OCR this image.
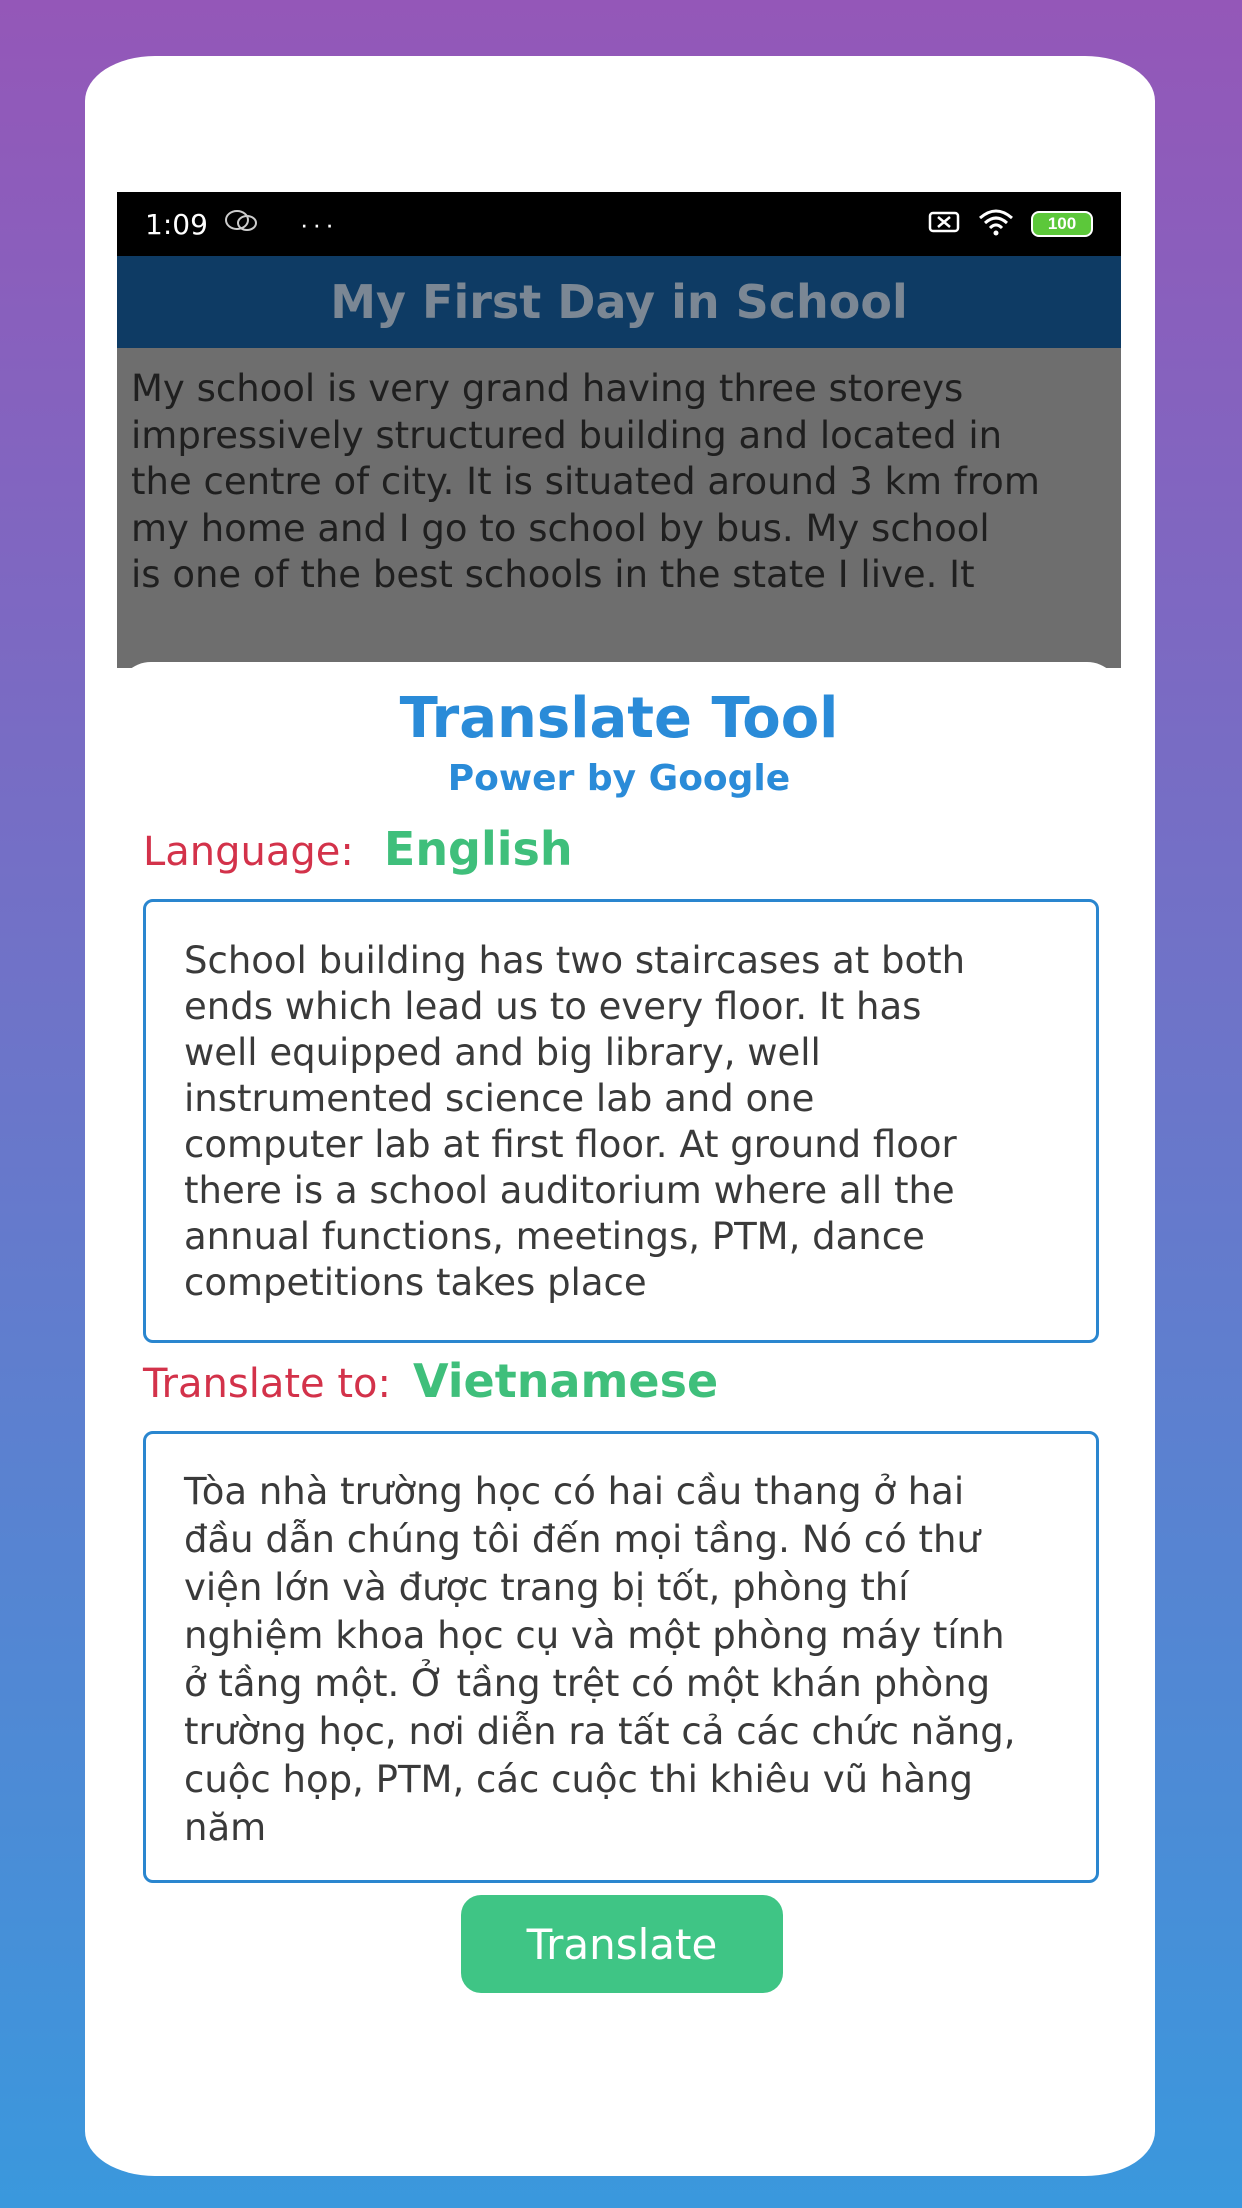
1:09	···	100
My First Day in School
My school is very grand having three storeys
impressively structured building and located in
the centre of city. It is situated around 3 km from
my home and I go to school by bus. My school
is one of the best schools in the state I live. It
Translate Tool
Power by Google
Language: English
School building has two staircases at both
ends which lead us to every floor. It has
well equipped and big library, well
instrumented science lab and one
computer lab at first floor. At ground floor
there is a school auditorium where all the
annual functions, meetings, PTM, dance
competitions takes place
Translate to: Vietnamese
Tòa nhà trường học có hai cầu thang ở hai
đầu dẫn chúng tôi đến mọi tầng. Nó có thư
viện lớn và được trang bị tốt, phòng thí
nghiệm khoa học cụ và một phòng máy tính
ở tầng một. Ở tầng trệt có một khán phòng
trường học, nơi diễn ra tất cả các chức năng,
cuộc họp, PTM, các cuộc thi khiêu vũ hàng
năm
Translate
